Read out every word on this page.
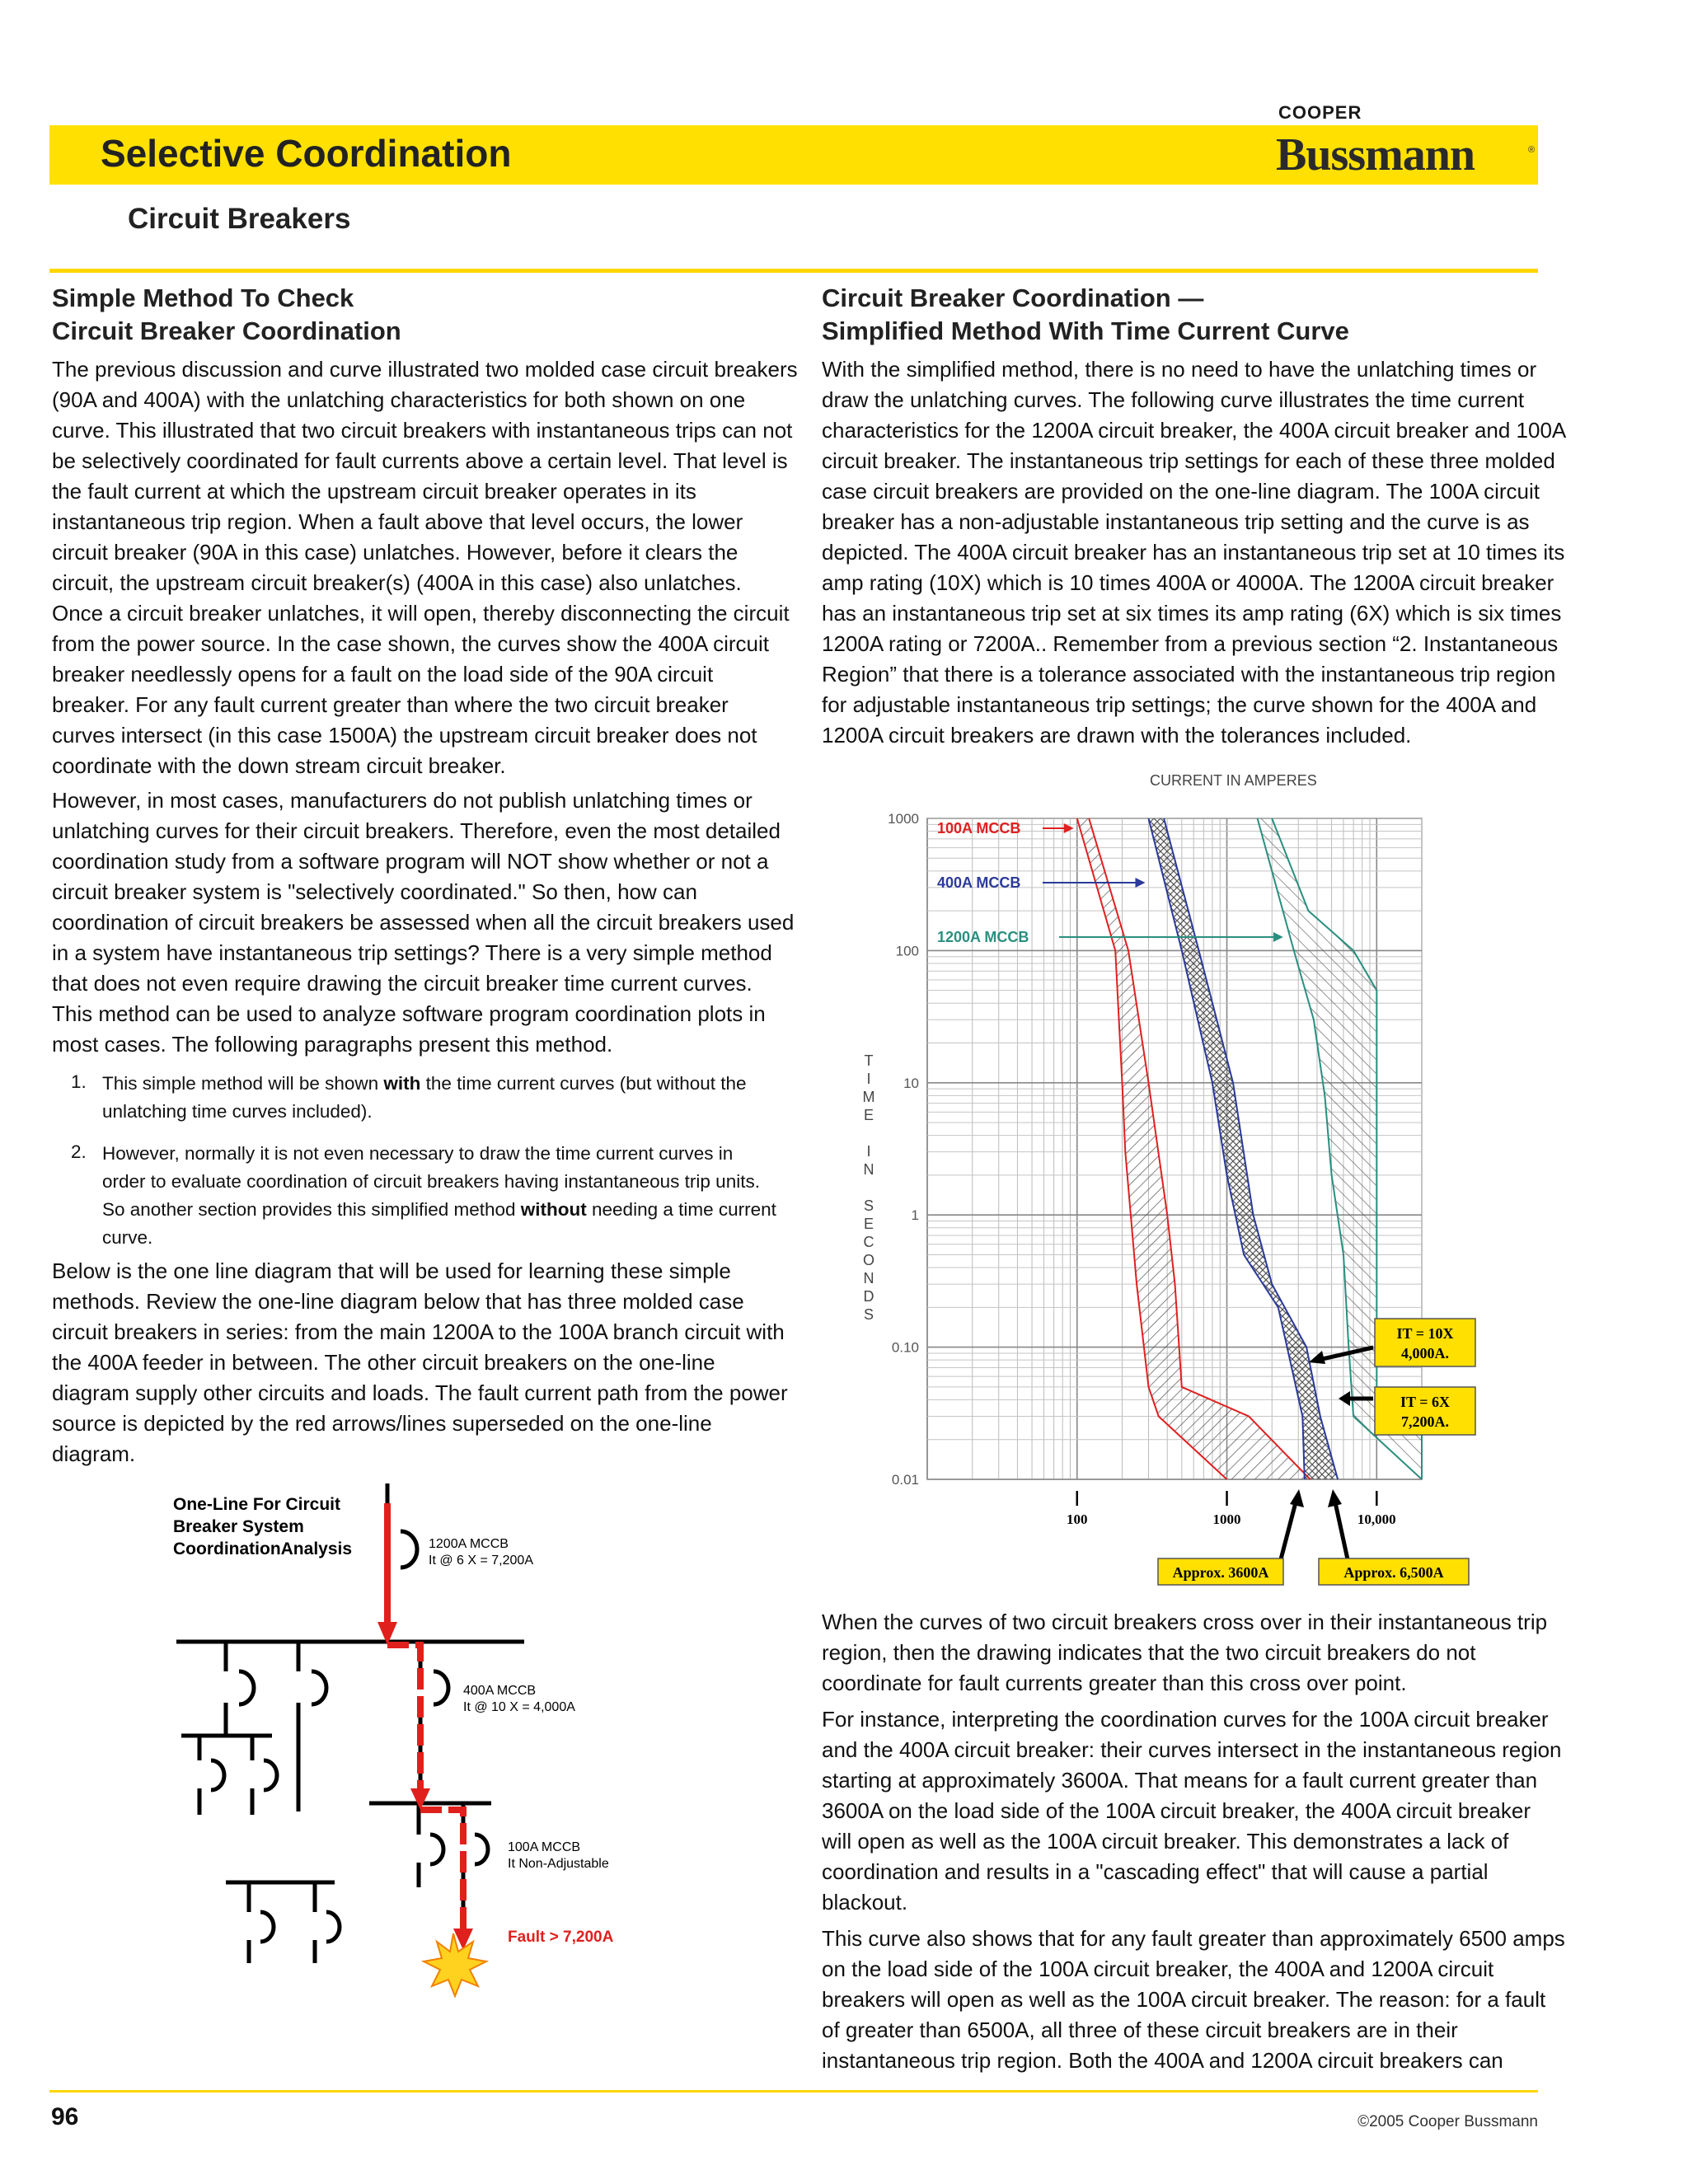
Selective Coordination
COOPER
Bussmann	®
Circuit Breakers
Simple Method To Check
Circuit Breaker Coordination
The previous discussion and curve illustrated two molded case circuit breakers
(90A and 400A) with the unlatching characteristics for both shown on one
curve. This illustrated that two circuit breakers with instantaneous trips can not
be selectively coordinated for fault currents above a certain level. That level is
the fault current at which the upstream circuit breaker operates in its
instantaneous trip region. When a fault above that level occurs, the lower
circuit breaker (90A in this case) unlatches. However, before it clears the
circuit, the upstream circuit breaker(s) (400A in this case) also unlatches.
Once a circuit breaker unlatches, it will open, thereby disconnecting the circuit
from the power source. In the case shown, the curves show the 400A circuit
breaker needlessly opens for a fault on the load side of the 90A circuit
breaker. For any fault current greater than where the two circuit breaker
curves intersect (in this case 1500A) the upstream circuit breaker does not
coordinate with the down stream circuit breaker.
However, in most cases, manufacturers do not publish unlatching times or
unlatching curves for their circuit breakers. Therefore, even the most detailed
coordination study from a software program will NOT show whether or not a
circuit breaker system is "selectively coordinated." So then, how can
coordination of circuit breakers be assessed when all the circuit breakers used
in a system have instantaneous trip settings? There is a very simple method
that does not even require drawing the circuit breaker time current curves.
This method can be used to analyze software program coordination plots in
most cases. The following paragraphs present this method.
1. This simple method will be shown with the time current curves (but without the
unlatching time curves included).
2. However, normally it is not even necessary to draw the time current curves in
order to evaluate coordination of circuit breakers having instantaneous trip units.
So another section provides this simplified method without needing a time current
curve.
Below is the one line diagram that will be used for learning these simple
methods. Review the one-line diagram below that has three molded case
circuit breakers in series: from the main 1200A to the 100A branch circuit with
the 400A feeder in between. The other circuit breakers on the one-line
diagram supply other circuits and loads. The fault current path from the power
source is depicted by the red arrows/lines superseded on the one-line
diagram.
One-Line For Circuit
Breaker System
CoordinationAnalysis	1200A MCCB
It @ 6 X = 7,200A
400A MCCB
It @ 10 X = 4,000A
100A MCCB
It Non-Adjustable
Fault > 7,200A
Circuit Breaker Coordination —
Simplified Method With Time Current Curve
With the simplified method, there is no need to have the unlatching times or
draw the unlatching curves. The following curve illustrates the time current
characteristics for the 1200A circuit breaker, the 400A circuit breaker and 100A
circuit breaker. The instantaneous trip settings for each of these three molded
case circuit breakers are provided on the one-line diagram. The 100A circuit
breaker has a non-adjustable instantaneous trip setting and the curve is as
depicted. The 400A circuit breaker has an instantaneous trip set at 10 times its
amp rating (10X) which is 10 times 400A or 4000A. The 1200A circuit breaker
has an instantaneous trip set at six times its amp rating (6X) which is six times
1200A rating or 7200A.. Remember from a previous section “2. Instantaneous
Region” that there is a tolerance associated with the instantaneous trip region
for adjustable instantaneous trip settings; the curve shown for the 400A and
1200A circuit breakers are drawn with the tolerances included.
100A MCCB
400A MCCB
1200A MCCB
1000
100
10
1
0.10
0.01
T
I
M
E
I
N
S
E
C
O
N
D
S
100	1000	10,000
IT = 10X
4,000A.
IT = 6X
7,200A.
Approx. 3600A	Approx. 6,500A
CURRENT IN AMPERES
When the curves of two circuit breakers cross over in their instantaneous trip
region, then the drawing indicates that the two circuit breakers do not
coordinate for fault currents greater than this cross over point.
For instance, interpreting the coordination curves for the 100A circuit breaker
and the 400A circuit breaker: their curves intersect in the instantaneous region
starting at approximately 3600A. That means for a fault current greater than
3600A on the load side of the 100A circuit breaker, the 400A circuit breaker
will open as well as the 100A circuit breaker. This demonstrates a lack of
coordination and results in a "cascading effect" that will cause a partial
blackout.
This curve also shows that for any fault greater than approximately 6500 amps
on the load side of the 100A circuit breaker, the 400A and 1200A circuit
breakers will open as well as the 100A circuit breaker. The reason: for a fault
of greater than 6500A, all three of these circuit breakers are in their
instantaneous trip region. Both the 400A and 1200A circuit breakers can
96	©2005 Cooper Bussmann
